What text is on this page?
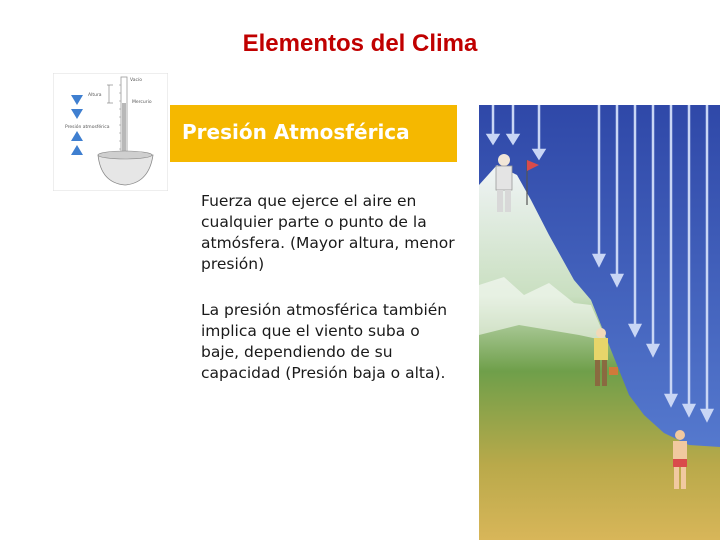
Elementos del Clima
Vacío
Altura
Mercurio
Presión atmosférica	Presión Atmosférica
Fuerza que ejerce el aire en cualquier parte o punto de la atmósfera. (Mayor altura, menor presión)
La presión atmosférica también implica que el viento suba o baje, dependiendo de su capacidad (Presión baja o alta).
